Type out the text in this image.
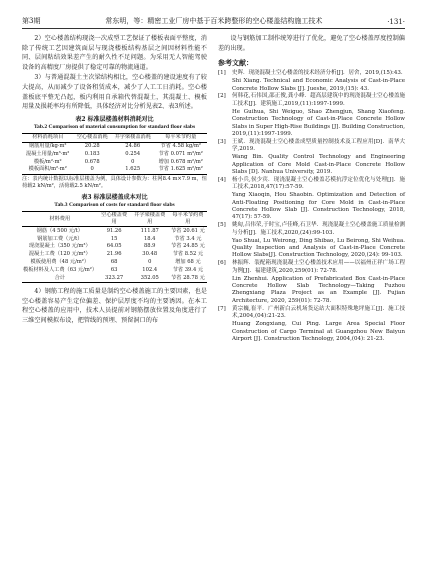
第3期	常东明，等：精密工业厂房中基于百米跨整形的空心楼盖结构施工技术	·131·

2）空心楼盖结构现浇一次成型工艺保证了楼板表面平整度，消除了传统工艺因建筑面层与现浇楼板结构基层之间因材料性能不同、层间粘结效果差产生的耐久性不足问题。为采用无人智能驾驶设备的高精度厂房提供了稳定可靠的物流通道。

3）与普通混凝土主次梁结构相比，空心楼盖的建设速度有了较大提高，从而减少了设备租赁成本，减少了人工工日消耗。空心楼盖板底平整无凸起，板内利用自承箱代替混凝土，其混凝土、模板用量及损耗率均有所降低，具体经济对比分析见表2、表3所述。

表2 标准层楼盖材料消耗对比
Tab.2 Comparison of material consumption for standard floor slabs
材料消耗项目	空心楼盖消耗	井字梁楼盖消耗	每平米节约量
钢筋用量/kg·m²	20.28	24.86	节省 4.58 kg/m²
混凝土用量/m³·m²	0.183	0.254	节省 0.071 m³/m²
模板/m²·m²	0.678	0	增加 0.678 m²/m²
模板面积/m²·m²	0	1.625	节省 1.625 m²/m²
注：表内统计数据以标准层楼盖为例，具体设计参数为：柱网8.4 m×7.9 m，恒荷载2 kN/m²，活荷载2.5 kN/m²。
表3 标准层楼盖成本对比
Tab.3 Comparison of costs for standard floor slabs
材料费用	空心楼盖费用	井字梁楼盖费用	每平米节约费用
钢筋（4 500 元/t）	91.26	111.87	节省 20.61 元
钢筋加工费（元/t）	15	18.4	节省 3.4 元
现浇混凝土（350 元/m³）	64.05	88.9	节省 24.85 元
混凝土工费（120 元/m³）	21.96	30.48	节省 8.52 元
模板使用费（48 元/m²）	68	0	增加 68 元
模板材料及人工费（63 元/m²）	63	102.4	节省 39.4 元
合计	323.27	352.05	节省 28.78 元

4）钢筋工程的施工质量是制约空心楼盖施工的主要因素，也是空心楼盖容易产生定位偏差、保护层厚度不均的主要诱因。在本工程空心楼盖的应用中，技术人员提前对钢筋摆放位置及角度进行了三维空间模拟布设，把管线的预埋、预留洞口的布

设与钢筋加工制作统筹进行了优化，避免了空心楼盖厚度控制偏差的出现。

参考文献：
[1]	史晖．现浇混凝土空心楼盖的技术经济分析[J]．居舍，2019,(15):43.
Shi Xiang. Technical and Economic Analysis of Cast-in-Place Concrete Hollow Slabs [J]. Jueshe, 2019,(15): 43.
[2]	何韩花,石伟国,邵正俊,龚小峰．超高层建筑中的现浇混凝土空心楼盖施工技术[J]．建筑施工,2019,(11):1997-1999.
He Guihua, Shi Weiguo, Shao Zhengjun, Shang Xiaofeng. Construction Technology of Cast-in-Place Concrete Hollow Slabs in Super High-Rise Buildings [J]. Building Construction, 2019,(11):1997-1999.
[3]	王斌．现浇混凝土空心楼盖成型质量控制技术及工程应用[D]．南华大学,2019.
Wang Bin. Quality Control Technology and Engineering Application of Core Mold Cast-in-Place Concrete Hollow Slabs [D]. Nanhua University, 2019.
[4]	杨小兵,侯少宾．现浇混凝土空心楼盖芯模抗浮定位优化与处理[J]．施工技术,2018,47(17):57-59.
Yang Xiaoqin, Hou Shaobin. Optimization and Detection of Anti-Floating Positioning for Core Mold in Cast-in-Place Concrete Hollow Slab [J]. Construction Technology, 2018, 47(17): 57-59.
[5]	姚甸,吕伟荣,于时宝,卢佳峰,石卫华．现浇混凝土空心楼盖施工质量检测与分析[J]．施工技术,2020,(24):99-103.
Yao Shuai, Lu Weirong, Ding Shibao, Lu Beirong, Shi Weihua. Quality Inspection and Analysis of Cast-in-Place Concrete Hollow Slabs[J]. Construction Technology, 2020,(24): 99-103.
[6]	林振辉．装配箱现浇混凝土空心楼盖技术应用——以福州正祥广场工程为例[J]．福建建筑,2020,259(01): 72-78.
Lin Zhenhui. Application of Prefabricated Box Cast-in-Place Concrete Hollow Slab Technology—Taking Fuzhou Zhengxiang Plaza Project as an Example [J]. Fujian Architecture, 2020, 259(01): 72-78.
[7]	黄宗巍,崔平．广州新白云机场货运站大面积特殊地坪施工[J]．施工技术,2004,(04):21-23.
Huang Zongxiang, Cui Ping. Large Area Special Floor Construction of Cargo Terminal at Guangzhou New Baiyun Airport [J]. Construction Technology, 2004,(04): 21-23.
